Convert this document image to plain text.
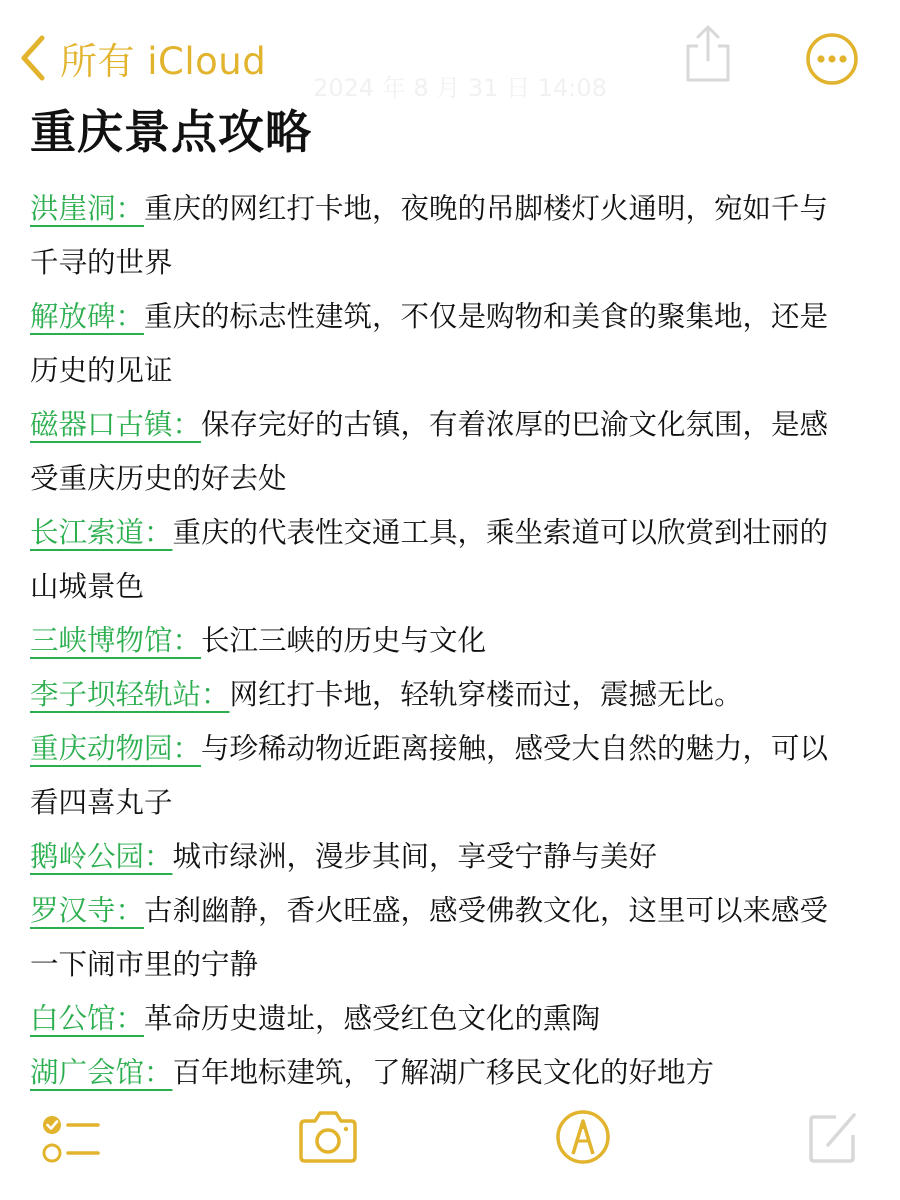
所有 iCloud
2024 年 8 月 31 日 14:08
重庆景点攻略
洪崖洞：重庆的网红打卡地，夜晚的吊脚楼灯火通明，宛如千与千寻的世界
解放碑：重庆的标志性建筑，不仅是购物和美食的聚集地，还是历史的见证
磁器口古镇：保存完好的古镇，有着浓厚的巴渝文化氛围，是感受重庆历史的好去处
长江索道：重庆的代表性交通工具，乘坐索道可以欣赏到壮丽的山城景色
三峡博物馆：长江三峡的历史与文化
李子坝轻轨站：网红打卡地，轻轨穿楼而过，震撼无比。
重庆动物园：与珍稀动物近距离接触，感受大自然的魅力，可以看四喜丸子
鹅岭公园：城市绿洲，漫步其间，享受宁静与美好
罗汉寺：古刹幽静，香火旺盛，感受佛教文化，这里可以来感受一下闹市里的宁静
白公馆：革命历史遗址，感受红色文化的熏陶
湖广会馆：百年地标建筑，了解湖广移民文化的好地方
